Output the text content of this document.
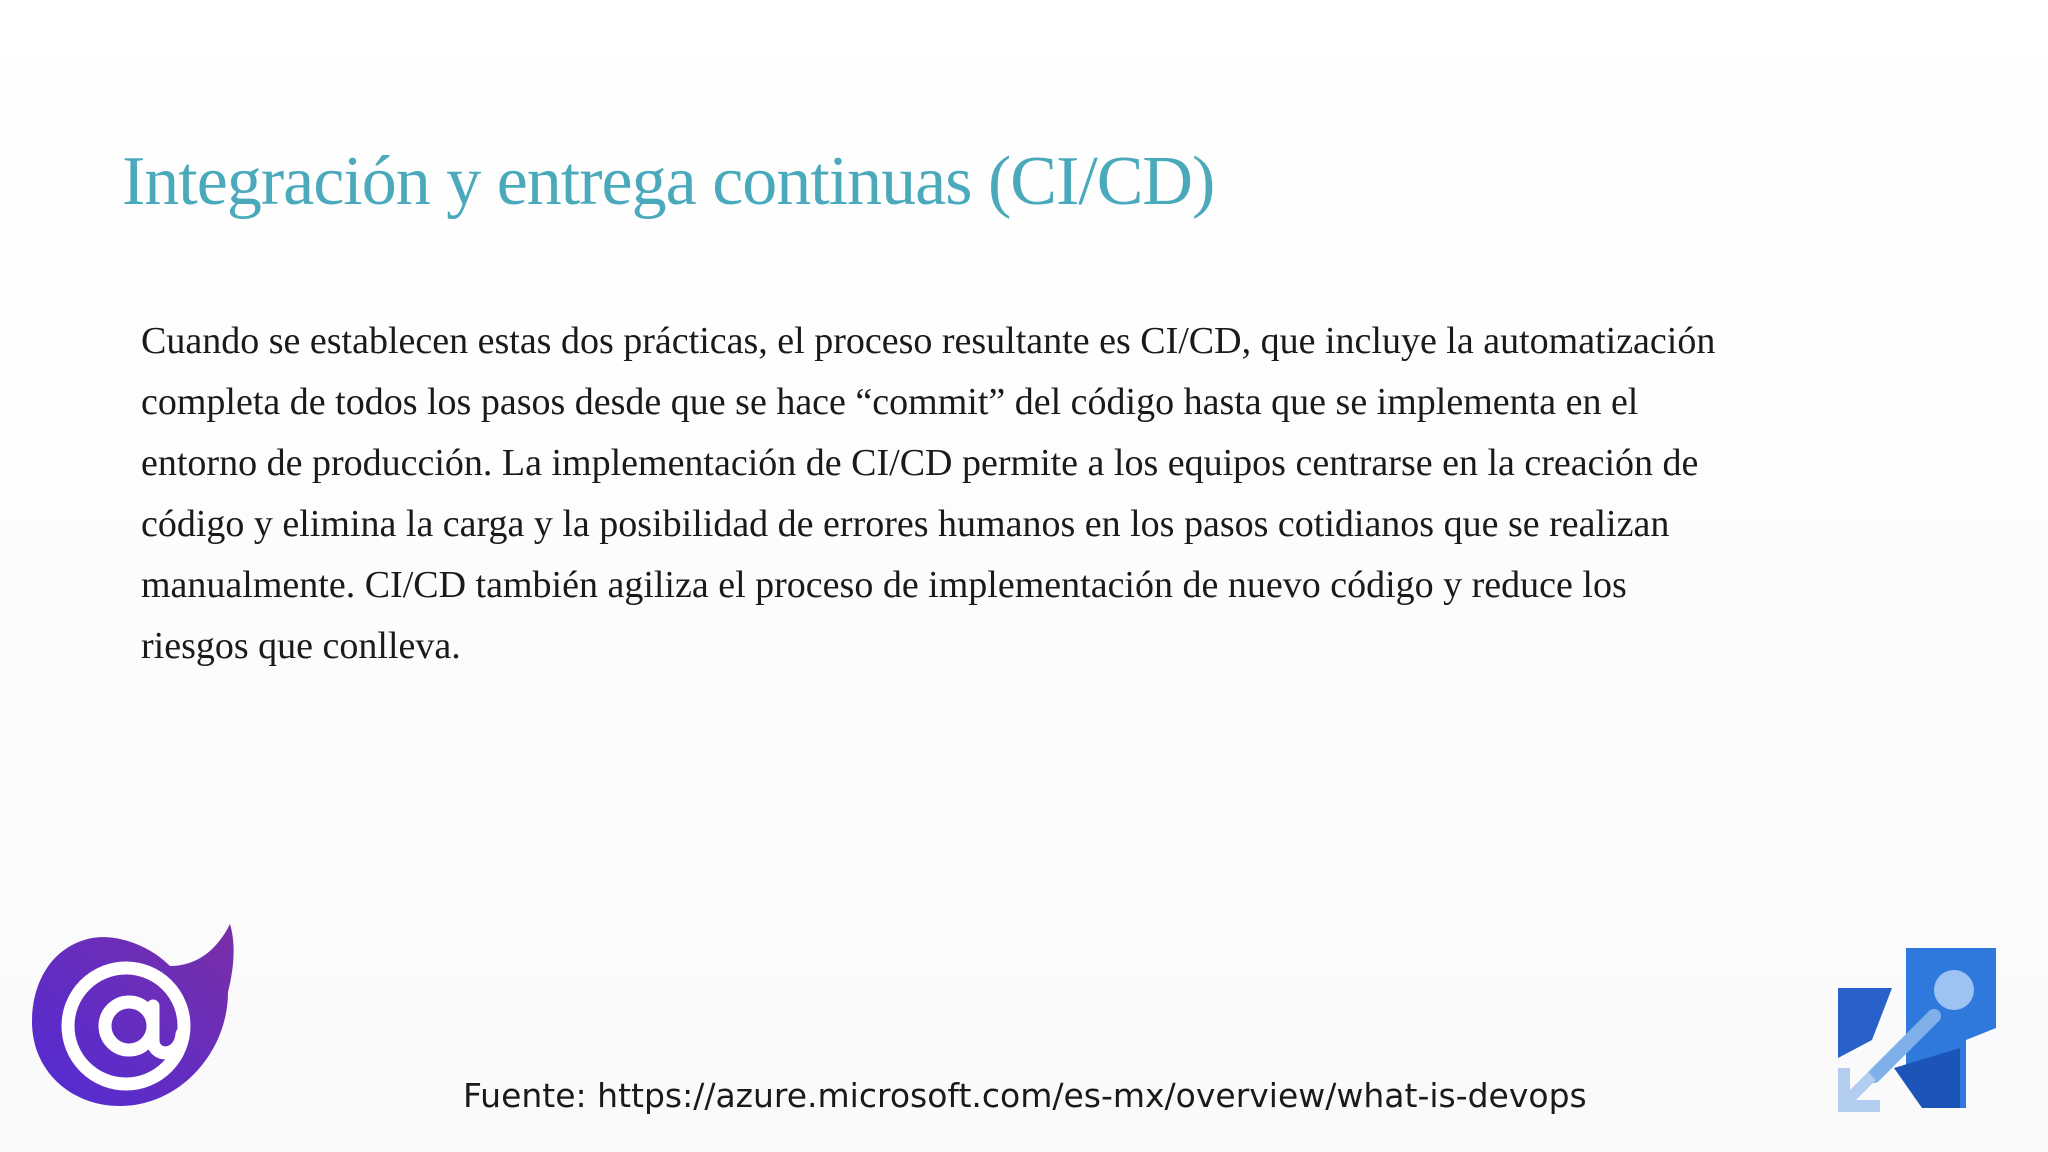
Integración y entrega continuas (CI/CD)
Cuando se establecen estas dos prácticas, el proceso resultante es CI/CD, que incluye la automatización
completa de todos los pasos desde que se hace “commit” del código hasta que se implementa en el
entorno de producción. La implementación de CI/CD permite a los equipos centrarse en la creación de
código y elimina la carga y la posibilidad de errores humanos en los pasos cotidianos que se realizan
manualmente. CI/CD también agiliza el proceso de implementación de nuevo código y reduce los
riesgos que conlleva.
Fuente: https://azure.microsoft.com/es-mx/overview/what-is-devops
